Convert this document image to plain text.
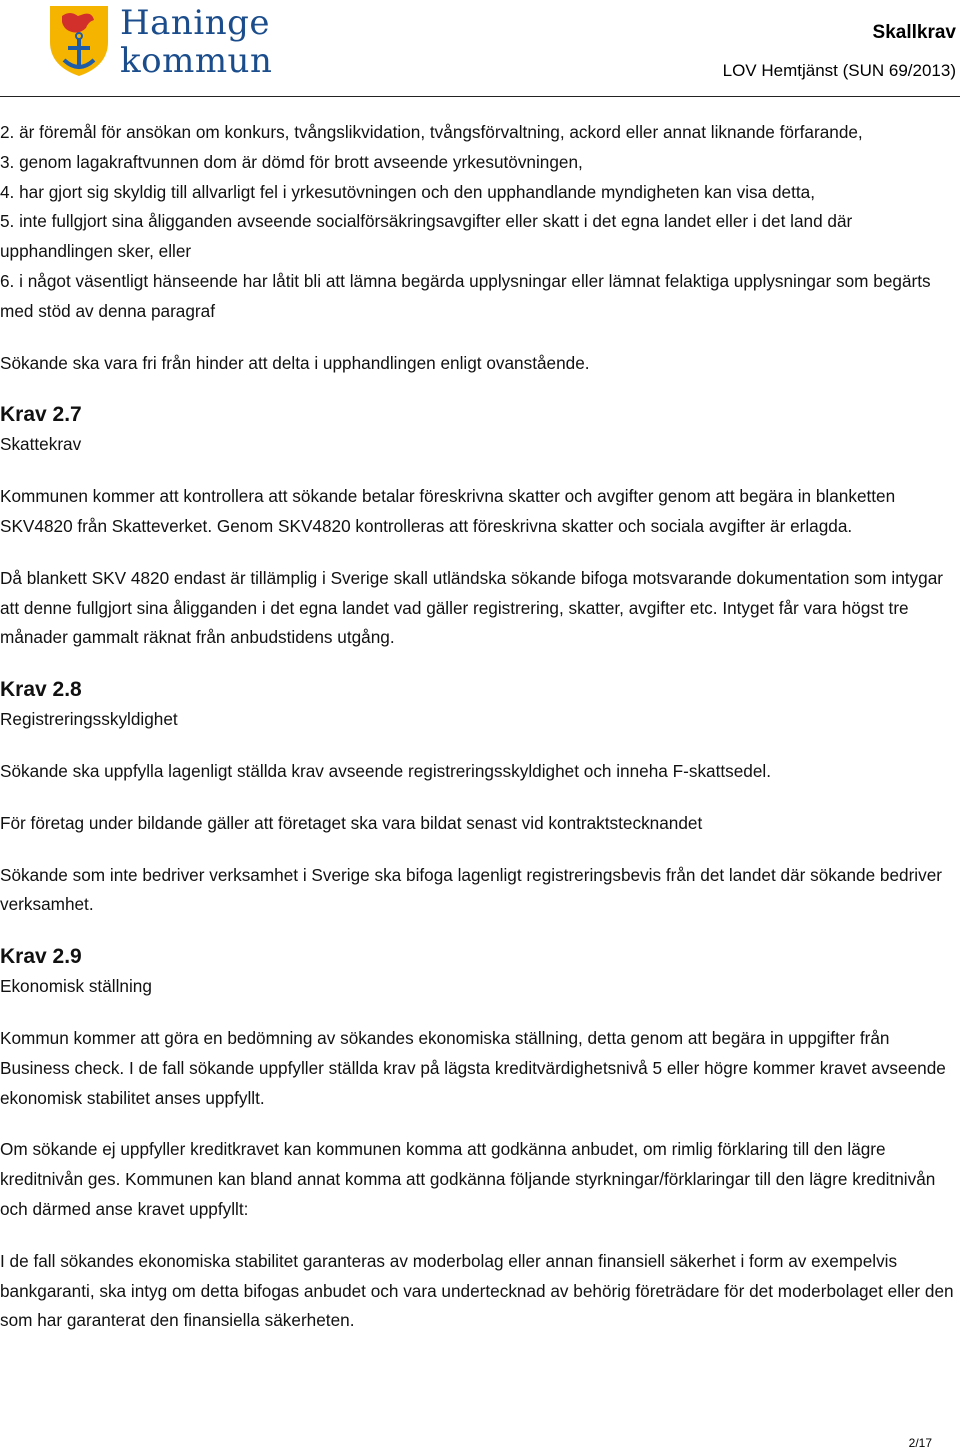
Haninge
kommun
Skallkrav
LOV Hemtjänst (SUN 69/2013)

2. är föremål för ansökan om konkurs, tvångslikvidation, tvångsförvaltning, ackord eller annat liknande förfarande,

3. genom lagakraftvunnen dom är dömd för brott avseende yrkesutövningen,

4. har gjort sig skyldig till allvarligt fel i yrkesutövningen och den upphandlande myndigheten kan visa detta,

5. inte fullgjort sina åligganden avseende socialförsäkringsavgifter eller skatt i det egna landet eller i det land där upphandlingen sker, eller

6. i något väsentligt hänseende har låtit bli att lämna begärda upplysningar eller lämnat felaktiga upplysningar som begärts med stöd av denna paragraf

Sökande ska vara fri från hinder att delta i upphandlingen enligt ovanstående.

Krav 2.7

Skattekrav

Kommunen kommer att kontrollera att sökande betalar föreskrivna skatter och avgifter genom att begära in blanketten SKV4820 från Skatteverket. Genom SKV4820 kontrolleras att föreskrivna skatter och sociala avgifter är erlagda.

Då blankett SKV 4820 endast är tillämplig i Sverige skall utländska sökande bifoga motsvarande dokumentation som intygar att denne fullgjort sina åligganden i det egna landet vad gäller registrering, skatter, avgifter etc. Intyget får vara högst tre månader gammalt räknat från anbudstidens utgång.

Krav 2.8

Registreringsskyldighet

Sökande ska uppfylla lagenligt ställda krav avseende registreringsskyldighet och inneha F-skattsedel.

För företag under bildande gäller att företaget ska vara bildat senast vid kontraktstecknandet

Sökande som inte bedriver verksamhet i Sverige ska bifoga lagenligt registreringsbevis från det landet där sökande bedriver verksamhet.

Krav 2.9

Ekonomisk ställning

Kommun kommer att göra en bedömning av sökandes ekonomiska ställning, detta genom att begära in uppgifter från Business check. I de fall sökande uppfyller ställda krav på lägsta kreditvärdighetsnivå 5 eller högre kommer kravet avseende ekonomisk stabilitet anses uppfyllt.

Om sökande ej uppfyller kreditkravet kan kommunen komma att godkänna anbudet, om rimlig förklaring till den lägre kreditnivån ges. Kommunen kan bland annat komma att godkänna följande styrkningar/förklaringar till den lägre kreditnivån och därmed anse kravet uppfyllt:

I de fall sökandes ekonomiska stabilitet garanteras av moderbolag eller annan finansiell säkerhet i form av exempelvis bankgaranti, ska intyg om detta bifogas anbudet och vara undertecknad av behörig företrädare för det moderbolaget eller den som har garanterat den finansiella säkerheten.

2/17
